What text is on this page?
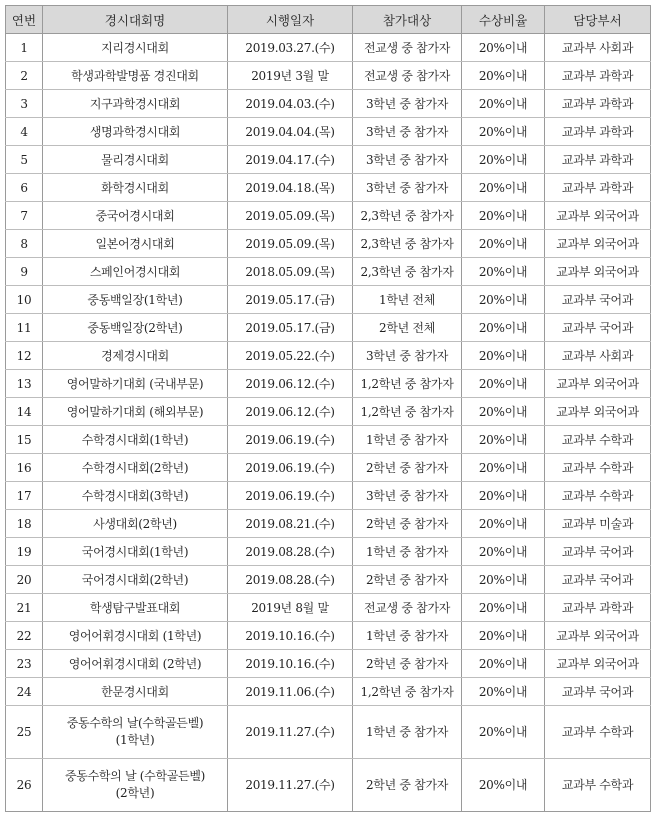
연번	경시대회명	시행일자	참가대상	수상비율	담당부서
1	지리경시대회	2019.03.27.(수)	전교생 중 참가자	20%이내	교과부 사회과
2	학생과학발명품 경진대회	2019년 3월 말	전교생 중 참가자	20%이내	교과부 과학과
3	지구과학경시대회	2019.04.03.(수)	3학년 중 참가자	20%이내	교과부 과학과
4	생명과학경시대회	2019.04.04.(목)	3학년 중 참가자	20%이내	교과부 과학과
5	물리경시대회	2019.04.17.(수)	3학년 중 참가자	20%이내	교과부 과학과
6	화학경시대회	2019.04.18.(목)	3학년 중 참가자	20%이내	교과부 과학과
7	중국어경시대회	2019.05.09.(목)	2,3학년 중 참가자	20%이내	교과부 외국어과
8	일본어경시대회	2019.05.09.(목)	2,3학년 중 참가자	20%이내	교과부 외국어과
9	스페인어경시대회	2018.05.09.(목)	2,3학년 중 참가자	20%이내	교과부 외국어과
10	중동백일장(1학년)	2019.05.17.(금)	1학년 전체	20%이내	교과부 국어과
11	중동백일장(2학년)	2019.05.17.(금)	2학년 전체	20%이내	교과부 국어과
12	경제경시대회	2019.05.22.(수)	3학년 중 참가자	20%이내	교과부 사회과
13	영어말하기대회 (국내부문)	2019.06.12.(수)	1,2학년 중 참가자	20%이내	교과부 외국어과
14	영어말하기대회 (해외부문)	2019.06.12.(수)	1,2학년 중 참가자	20%이내	교과부 외국어과
15	수학경시대회(1학년)	2019.06.19.(수)	1학년 중 참가자	20%이내	교과부 수학과
16	수학경시대회(2학년)	2019.06.19.(수)	2학년 중 참가자	20%이내	교과부 수학과
17	수학경시대회(3학년)	2019.06.19.(수)	3학년 중 참가자	20%이내	교과부 수학과
18	사생대회(2학년)	2019.08.21.(수)	2학년 중 참가자	20%이내	교과부 미술과
19	국어경시대회(1학년)	2019.08.28.(수)	1학년 중 참가자	20%이내	교과부 국어과
20	국어경시대회(2학년)	2019.08.28.(수)	2학년 중 참가자	20%이내	교과부 국어과
21	학생탐구발표대회	2019년 8월 말	전교생 중 참가자	20%이내	교과부 과학과
22	영어어휘경시대회 (1학년)	2019.10.16.(수)	1학년 중 참가자	20%이내	교과부 외국어과
23	영어어휘경시대회 (2학년)	2019.10.16.(수)	2학년 중 참가자	20%이내	교과부 외국어과
24	한문경시대회	2019.11.06.(수)	1,2학년 중 참가자	20%이내	교과부 국어과
25	중동수학의 날(수학골든벨)
(1학년)	2019.11.27.(수)	1학년 중 참가자	20%이내	교과부 수학과
26	중동수학의 날 (수학골든벨)
(2학년)	2019.11.27.(수)	2학년 중 참가자	20%이내	교과부 수학과
